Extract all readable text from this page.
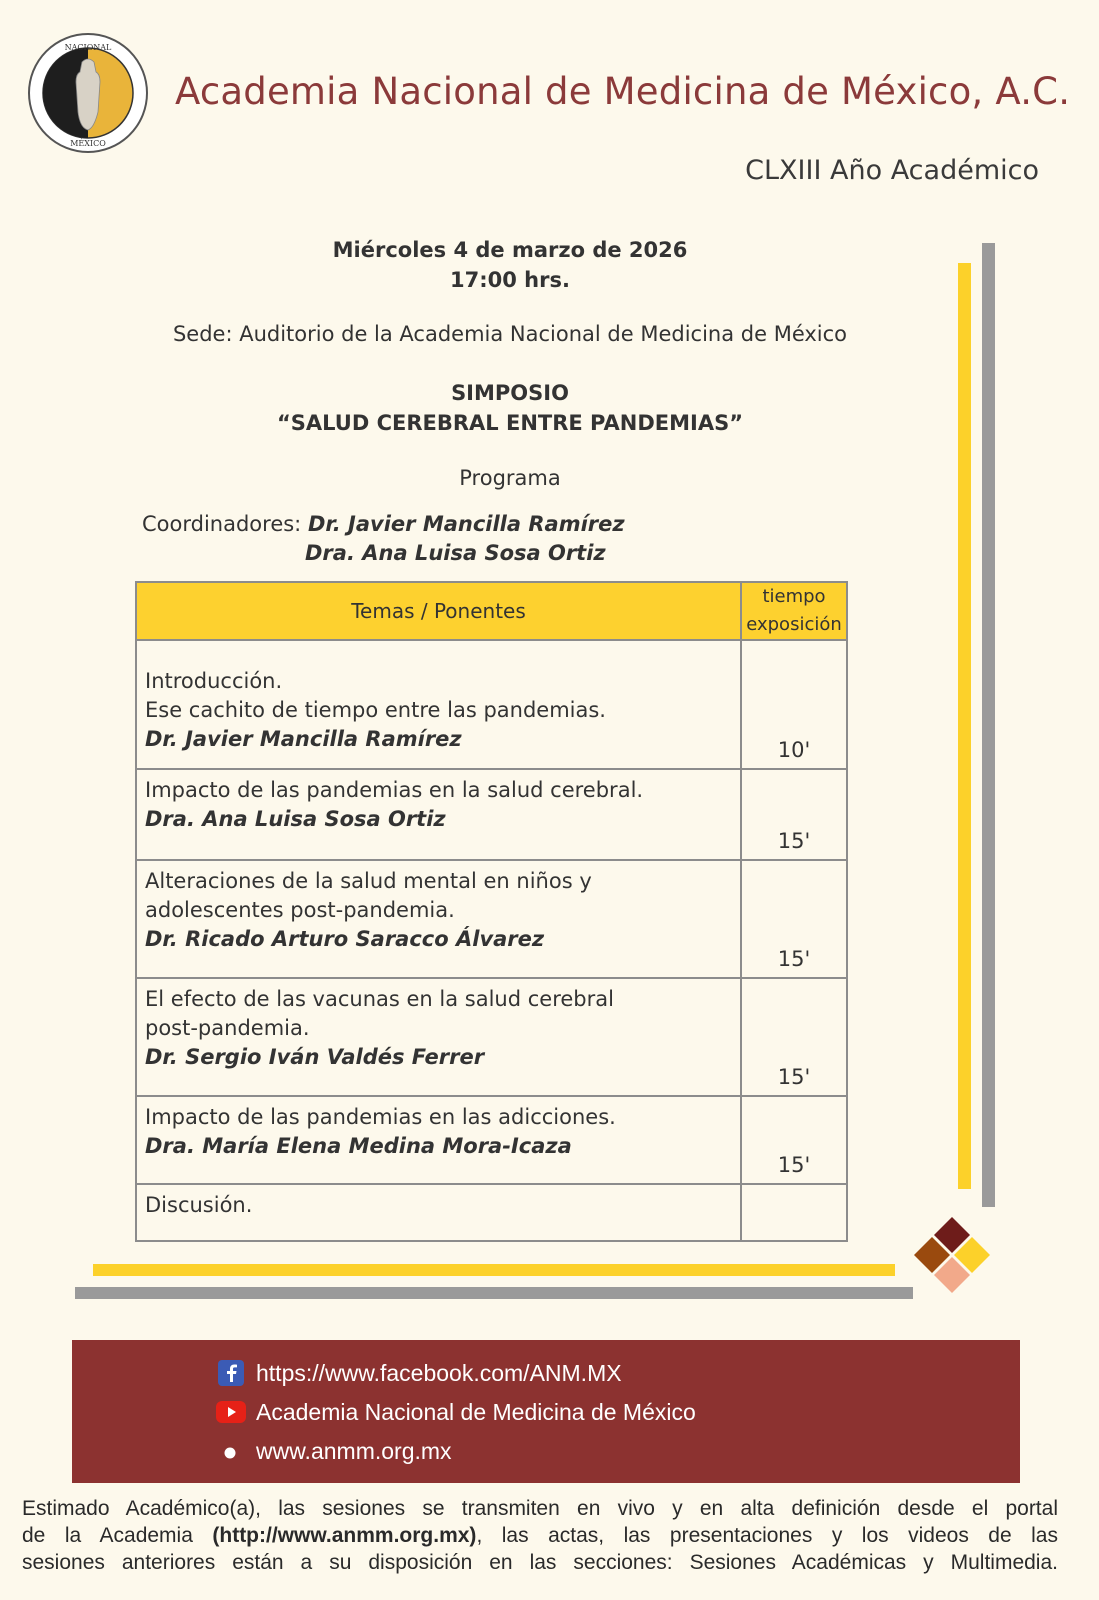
NACIONAL
MÉXICO
Academia Nacional de Medicina de México, A.C.
CLXIII Año Académico
Miércoles 4 de marzo de 2026
17:00 hrs.
Sede: Auditorio de la Academia Nacional de Medicina de México
SIMPOSIO
“SALUD CEREBRAL ENTRE PANDEMIAS”
Programa
Coordinadores: Dr. Javier Mancilla Ramírez
Dra. Ana Luisa Sosa Ortiz
Temas / Ponentes	tiempo
exposición

Introducción.
Ese cachito de tiempo entre las pandemias.
Dr. Javier Mancilla Ramírez	10'

Impacto de las pandemias en la salud cerebral.
Dra. Ana Luisa Sosa Ortiz	15'

Alteraciones de la salud mental en niños y
adolescentes post-pandemia.
Dr. Ricado Arturo Saracco Álvarez	15'

El efecto de las vacunas en la salud cerebral
post-pandemia.
Dr. Sergio Iván Valdés Ferrer	15'

Impacto de las pandemias en las adicciones.
Dra. María Elena Medina Mora-Icaza	15'

Discusión.	

https://www.facebook.com/ANM.MX
Academia Nacional de Medicina de México
www.anmm.org.mx
Estimado Académico(a), las sesiones se transmiten en vivo y en alta definición desde el portal
de la Academia (http://www.anmm.org.mx), las actas, las presentaciones y los videos de las
sesiones anteriores están a su disposición en las secciones: Sesiones Académicas y Multimedia.
